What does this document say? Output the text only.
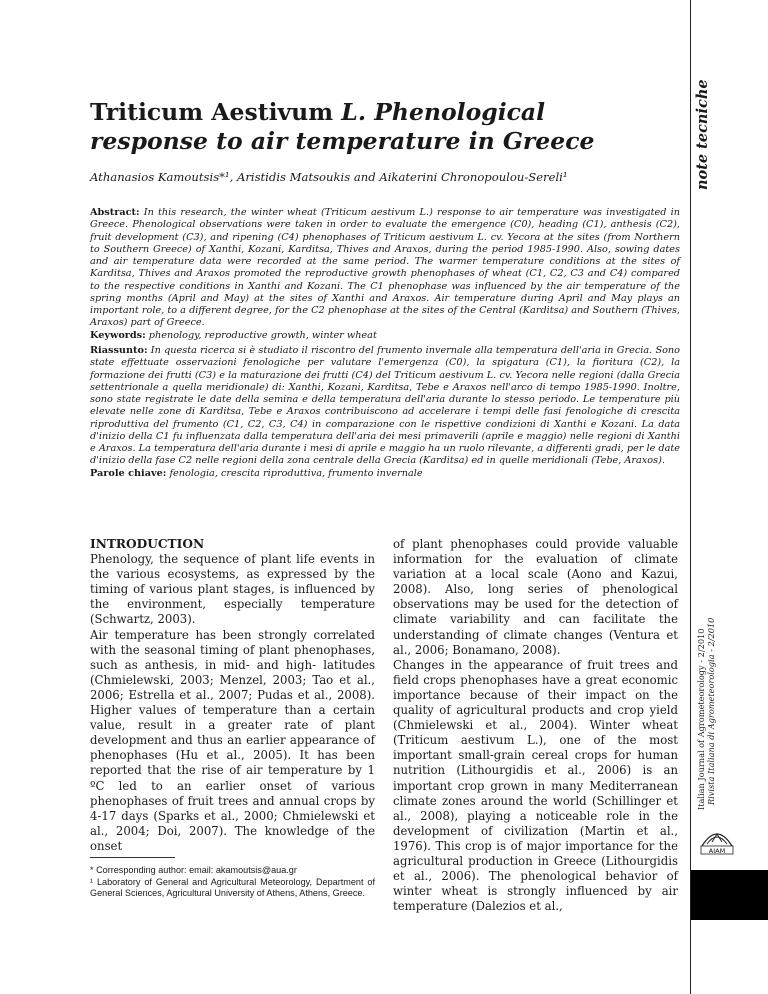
note tecniche
Triticum Aestivum L. Phenological response to air temperature in Greece

Athanasios Kamoutsis*¹, Aristidis Matsoukis and Aikaterini Chronopoulou-Sereli¹

Abstract: In this research, the winter wheat (Triticum aestivum L.) response to air temperature was investigated in Greece. Phenological observations were taken in order to evaluate the emergence (C0), heading (C1), anthesis (C2), fruit development (C3), and ripening (C4) phenophases of Triticum aestivum L. cv. Yecora at the sites (from Northern to Southern Greece) of Xanthi, Kozani, Karditsa, Thives and Araxos, during the period 1985-1990. Also, sowing dates and air temperature data were recorded at the same period. The warmer temperature conditions at the sites of Karditsa, Thives and Araxos promoted the reproductive growth phenophases of wheat (C1, C2, C3 and C4) compared to the respective conditions in Xanthi and Kozani. The C1 phenophase was influenced by the air temperature of the spring months (April and May) at the sites of Xanthi and Araxos. Air temperature during April and May plays an important role, to a different degree, for the C2 phenophase at the sites of the Central (Karditsa) and Southern (Thives, Araxos) part of Greece.
Keywords: phenology, reproductive growth, winter wheat
Riassunto: In questa ricerca si è studiato il riscontro del frumento invernale alla temperatura dell'aria in Grecia. Sono state effettuate osservazioni fenologiche per valutare l'emergenza (C0), la spigatura (C1), la fioritura (C2), la formazione dei frutti (C3) e la maturazione dei frutti (C4) del Triticum aestivum L. cv. Yecora nelle regioni (dalla Grecia settentrionale a quella meridionale) di: Xanthi, Kozani, Karditsa, Tebe e Araxos nell'arco di tempo 1985-1990. Inoltre, sono state registrate le date della semina e della temperatura dell'aria durante lo stesso periodo. Le temperature più elevate nelle zone di Karditsa, Tebe e Araxos contribuiscono ad accelerare i tempi delle fasi fenologiche di crescita riproduttiva del frumento (C1, C2, C3, C4) in comparazione con le rispettive condizioni di Xanthi e Kozani. La data d'inizio della C1 fu influenzata dalla temperatura dell'aria dei mesi primaverili (aprile e maggio) nelle regioni di Xanthi e Araxos. La temperatura dell'aria durante i mesi di aprile e maggio ha un ruolo rilevante, a differenti gradi, per le date d'inizio della fase C2 nelle regioni della zona centrale della Grecia (Karditsa) ed in quelle meridionali (Tebe, Araxos).
Parole chiave: fenologia, crescita riproduttiva, frumento invernale
INTRODUCTION
Phenology, the sequence of plant life events in the various ecosystems, as expressed by the timing of various plant stages, is influenced by the environment, especially temperature (Schwartz, 2003).
Air temperature has been strongly correlated with the seasonal timing of plant phenophases, such as anthesis, in mid- and high- latitudes (Chmielewski, 2003; Menzel, 2003; Tao et al., 2006; Estrella et al., 2007; Pudas et al., 2008). Higher values of temperature than a certain value, result in a greater rate of plant development and thus an earlier appearance of phenophases (Hu et al., 2005). It has been reported that the rise of air temperature by 1 ºC led to an earlier onset of various phenophases of fruit trees and annual crops by 4-17 days (Sparks et al., 2000; Chmielewski et al., 2004; Doi, 2007). The knowledge of the onset
* Corresponding author: email: akamoutsis@aua.gr
¹ Laboratory of General and Agricultural Meteorology, Department of General Sciences, Agricultural University of Athens, Athens, Greece.
of plant phenophases could provide valuable information for the evaluation of climate variation at a local scale (Aono and Kazui, 2008). Also, long series of phenological observations may be used for the detection of climate variability and can facilitate the understanding of climate changes (Ventura et al., 2006; Bonamano, 2008).
Changes in the appearance of fruit trees and field crops phenophases have a great economic importance because of their impact on the quality of agricultural products and crop yield (Chmielewski et al., 2004). Winter wheat (Triticum aestivum L.), one of the most important small-grain cereal crops for human nutrition (Lithourgidis et al., 2006) is an important crop grown in many Mediterranean climate zones around the world (Schillinger et al., 2008), playing a noticeable role in the development of civilization (Martin et al., 1976). This crop is of major importance for the agricultural production in Greece (Lithourgidis et al., 2006). The phenological behavior of winter wheat is strongly influenced by air temperature (Dalezios et al.,
Italian Journal of Agrometeorology - 2/2010 Rivista Italiana di Agrometeorologia - 2/2010
AIAM
51
